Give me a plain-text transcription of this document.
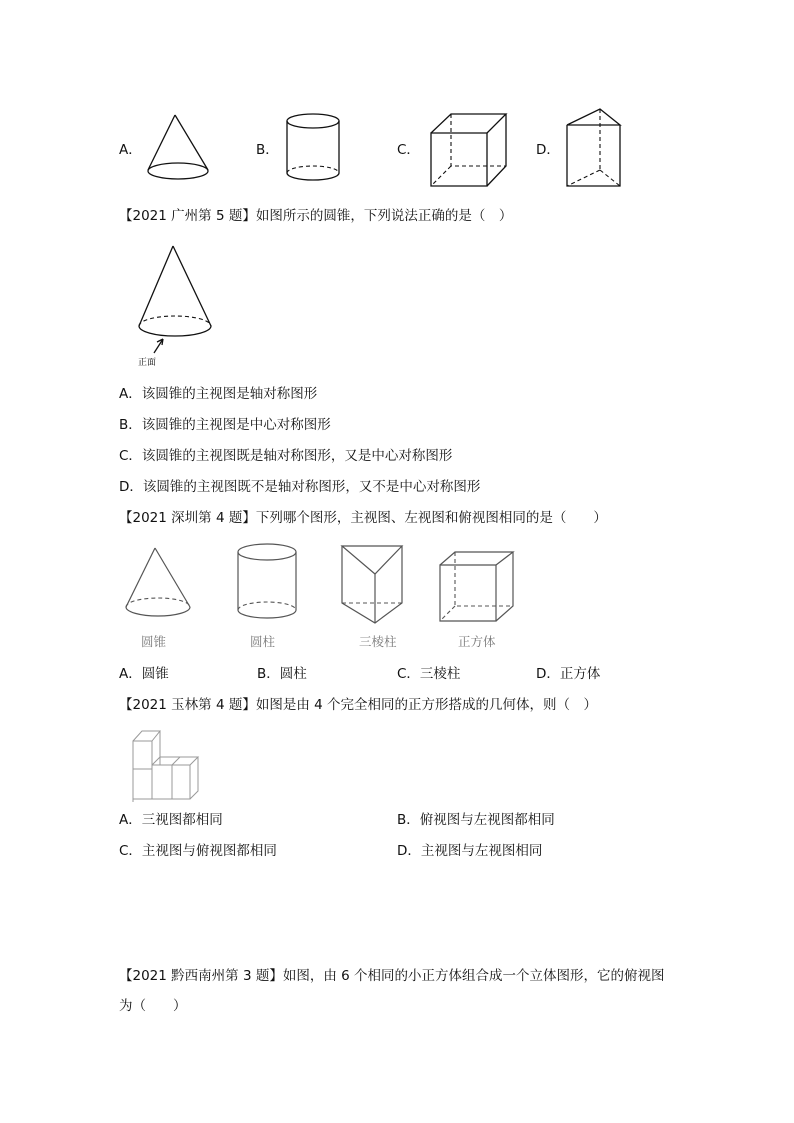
A．	B．	C．	D．
【2021 广州第 5 题】如图所示的圆锥，下列说法正确的是（　）
正面
A．该圆锥的主视图是轴对称图形
B．该圆锥的主视图是中心对称图形
C．该圆锥的主视图既是轴对称图形，又是中心对称图形
D．该圆锥的主视图既不是轴对称图形，又不是中心对称图形
【2021 深圳第 4 题】下列哪个图形，主视图、左视图和俯视图相同的是（　　）
圆锥	圆柱	三棱柱	正方体
A．圆锥	B．圆柱	C．三棱柱	D．正方体
【2021 玉林第 4 题】如图是由 4 个完全相同的正方形搭成的几何体，则（　）
A．三视图都相同	B．俯视图与左视图都相同
C．主视图与俯视图都相同	D．主视图与左视图相同
【2021 黔西南州第 3 题】如图，由 6 个相同的小正方体组合成一个立体图形，它的俯视图
为（　　）
